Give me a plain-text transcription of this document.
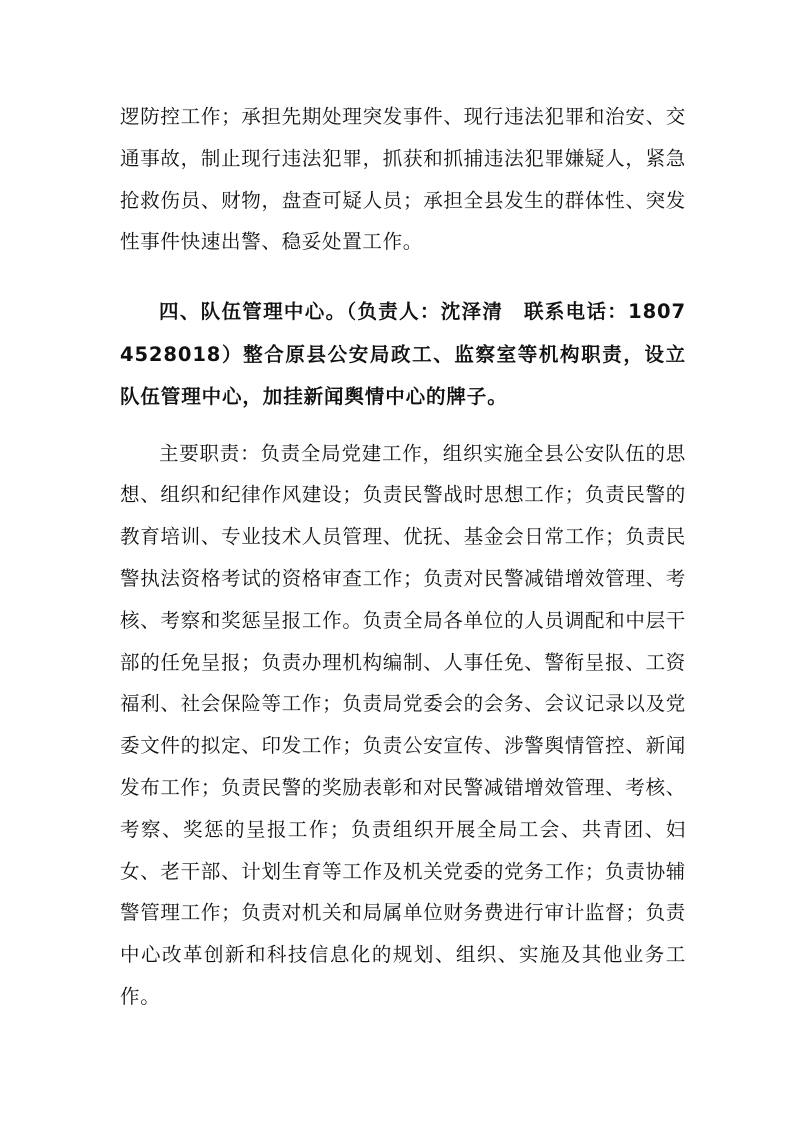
逻防控工作；承担先期处理突发事件、现行违法犯罪和治安、交通事故，制止现行违法犯罪，抓获和抓捕违法犯罪嫌疑人，紧急抢救伤员、财物，盘查可疑人员；承担全县发生的群体性、突发性事件快速出警、稳妥处置工作。

四、队伍管理中心。（负责人：沈泽清　联系电话：18074528018）整合原县公安局政工、监察室等机构职责，设立队伍管理中心，加挂新闻舆情中心的牌子。

主要职责：负责全局党建工作，组织实施全县公安队伍的思想、组织和纪律作风建设；负责民警战时思想工作；负责民警的教育培训、专业技术人员管理、优抚、基金会日常工作；负责民警执法资格考试的资格审查工作；负责对民警减错增效管理、考核、考察和奖惩呈报工作。负责全局各单位的人员调配和中层干部的任免呈报；负责办理机构编制、人事任免、警衔呈报、工资福利、社会保险等工作；负责局党委会的会务、会议记录以及党委文件的拟定、印发工作；负责公安宣传、涉警舆情管控、新闻发布工作；负责民警的奖励表彰和对民警减错增效管理、考核、考察、奖惩的呈报工作；负责组织开展全局工会、共青团、妇女、老干部、计划生育等工作及机关党委的党务工作；负责协辅警管理工作；负责对机关和局属单位财务费进行审计监督；负责中心改革创新和科技信息化的规划、组织、实施及其他业务工作。
